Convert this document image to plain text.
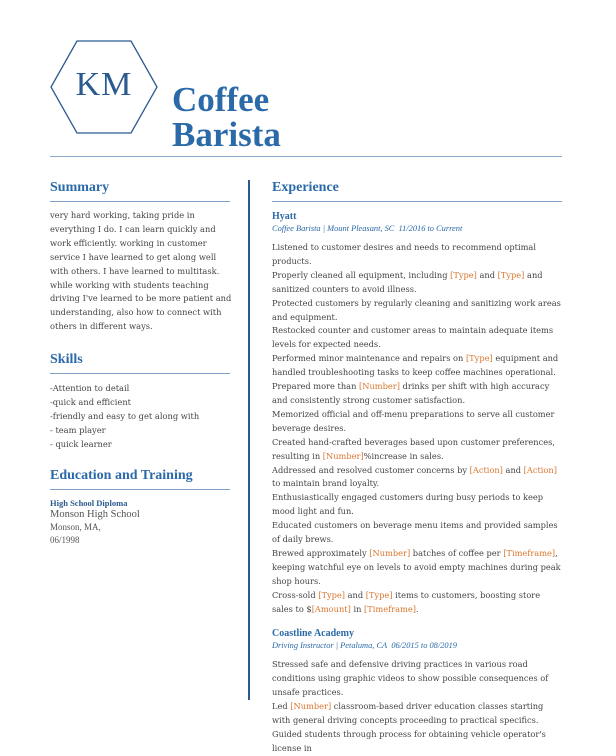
KM	Coffee
Barista
Summary
very hard working, taking pride in everything I do. I can learn quickly and work efficiently. working in customer service I have learned to get along well with others. I have learned to multitask. while working with students teaching driving I've learned to be more patient and understanding, also how to connect with others in different ways.
Skills
-Attention to detail
-quick and efficient
-friendly and easy to get along with
- team player
- quick learner
Education and Training
High School Diploma
Monson High School
Monson, MA,
06/1998
Experience
Hyatt
Coffee Barista | Mount Pleasant, SC 11/2016 to Current
Listened to customer desires and needs to recommend optimal products.
Properly cleaned all equipment, including [Type] and [Type] and sanitized counters to avoid illness.
Protected customers by regularly cleaning and sanitizing work areas and equipment.
Restocked counter and customer areas to maintain adequate items levels for expected needs.
Performed minor maintenance and repairs on [Type] equipment and handled troubleshooting tasks to keep coffee machines operational.
Prepared more than [Number] drinks per shift with high accuracy and consistently strong customer satisfaction.
Memorized official and off-menu preparations to serve all customer beverage desires.
Created hand-crafted beverages based upon customer preferences, resulting in [Number]%increase in sales.
Addressed and resolved customer concerns by [Action] and [Action] to maintain brand loyalty.
Enthusiastically engaged customers during busy periods to keep mood light and fun.
Educated customers on beverage menu items and provided samples of daily brews.
Brewed approximately [Number] batches of coffee per [Timeframe], keeping watchful eye on levels to avoid empty machines during peak shop hours.
Cross-sold [Type] and [Type] items to customers, boosting store sales to $[Amount] in [Timeframe].
Coastline Academy
Driving Instructor | Petaluma, CA 06/2015 to 08/2019
Stressed safe and defensive driving practices in various road conditions using graphic videos to show possible consequences of unsafe practices.
Led [Number] classroom-based driver education classes starting with general driving concepts proceeding to practical specifics.
Guided students through process for obtaining vehicle operator's license in
